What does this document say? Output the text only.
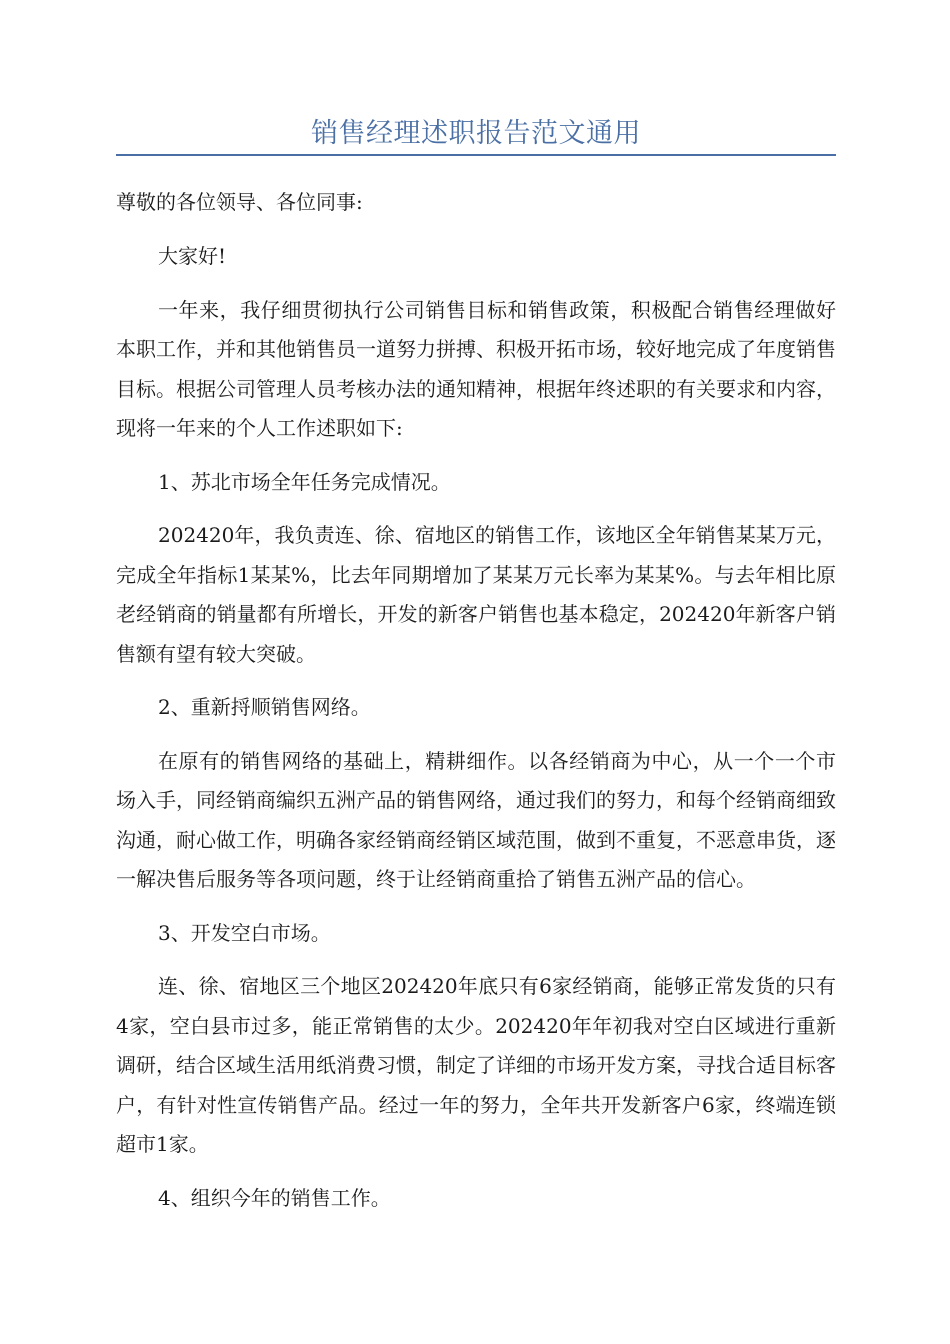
销售经理述职报告范文通用
尊敬的各位领导、各位同事:

大家好!

一年来，我仔细贯彻执行公司销售目标和销售政策，积极配合销售经理做好本职工作，并和其他销售员一道努力拼搏、积极开拓市场，较好地完成了年度销售目标。根据公司管理人员考核办法的通知精神，根据年终述职的有关要求和内容，现将一年来的个人工作述职如下:

1、苏北市场全年任务完成情况。

202420年，我负责连、徐、宿地区的销售工作，该地区全年销售某某万元，完成全年指标1某某%，比去年同期增加了某某万元长率为某某%。与去年相比原老经销商的销量都有所增长，开发的新客户销售也基本稳定，202420年新客户销售额有望有较大突破。

2、重新捋顺销售网络。

在原有的销售网络的基础上，精耕细作。以各经销商为中心，从一个一个市场入手，同经销商编织五洲产品的销售网络，通过我们的努力，和每个经销商细致沟通，耐心做工作，明确各家经销商经销区域范围，做到不重复，不恶意串货，逐一解决售后服务等各项问题，终于让经销商重拾了销售五洲产品的信心。

3、开发空白市场。

连、徐、宿地区三个地区202420年底只有6家经销商，能够正常发货的只有4家，空白县市过多，能正常销售的太少。202420年年初我对空白区域进行重新调研，结合区域生活用纸消费习惯，制定了详细的市场开发方案，寻找合适目标客户，有针对性宣传销售产品。经过一年的努力，全年共开发新客户6家，终端连锁超市1家。

4、组织今年的销售工作。
